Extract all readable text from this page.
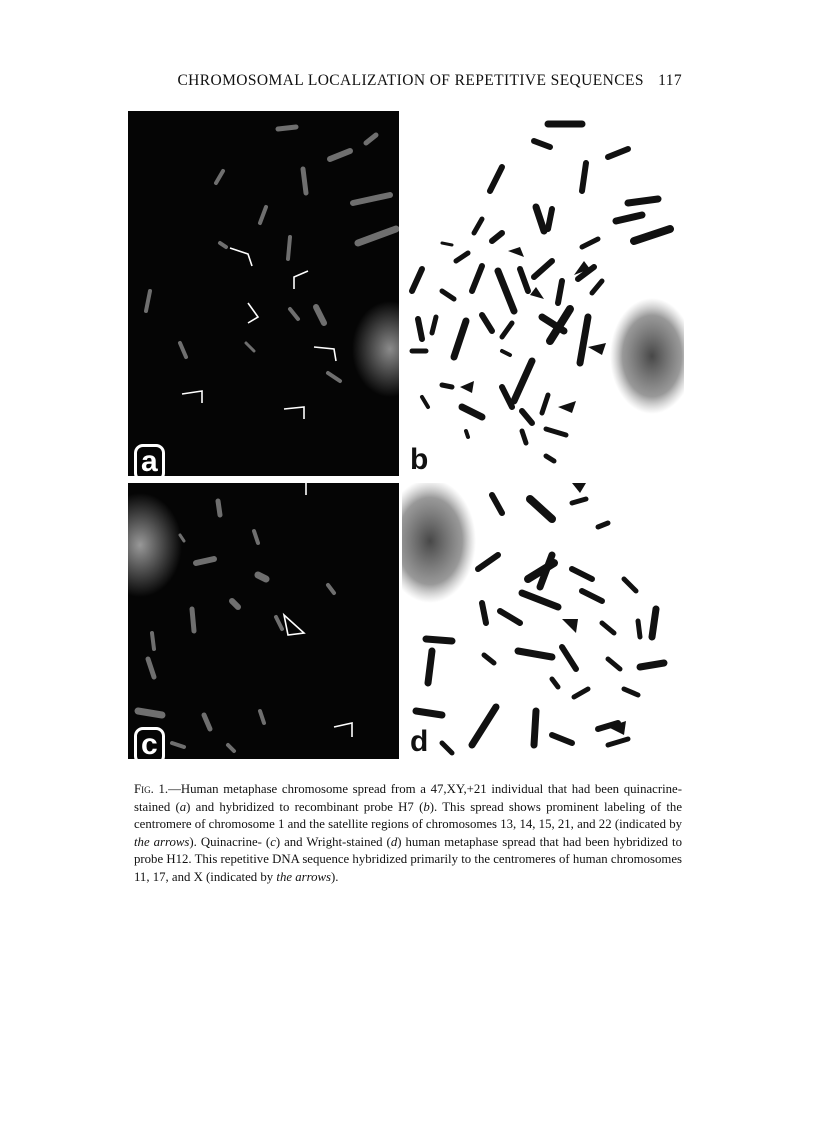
CHROMOSOMAL LOCALIZATION OF REPETITIVE SEQUENCES 117
a	b
c	d
Fig. 1.—Human metaphase chromosome spread from a 47,XY,+21 individual that had been quinacrine-stained (a) and hybridized to recombinant probe H7 (b). This spread shows prominent labeling of the centromere of chromosome 1 and the satellite regions of chromosomes 13, 14, 15, 21, and 22 (indicated by the arrows). Quinacrine- (c) and Wright-stained (d) human metaphase spread that had been hybridized to probe H12. This repetitive DNA sequence hybridized primarily to the centromeres of human chromosomes 11, 17, and X (indicated by the arrows).
